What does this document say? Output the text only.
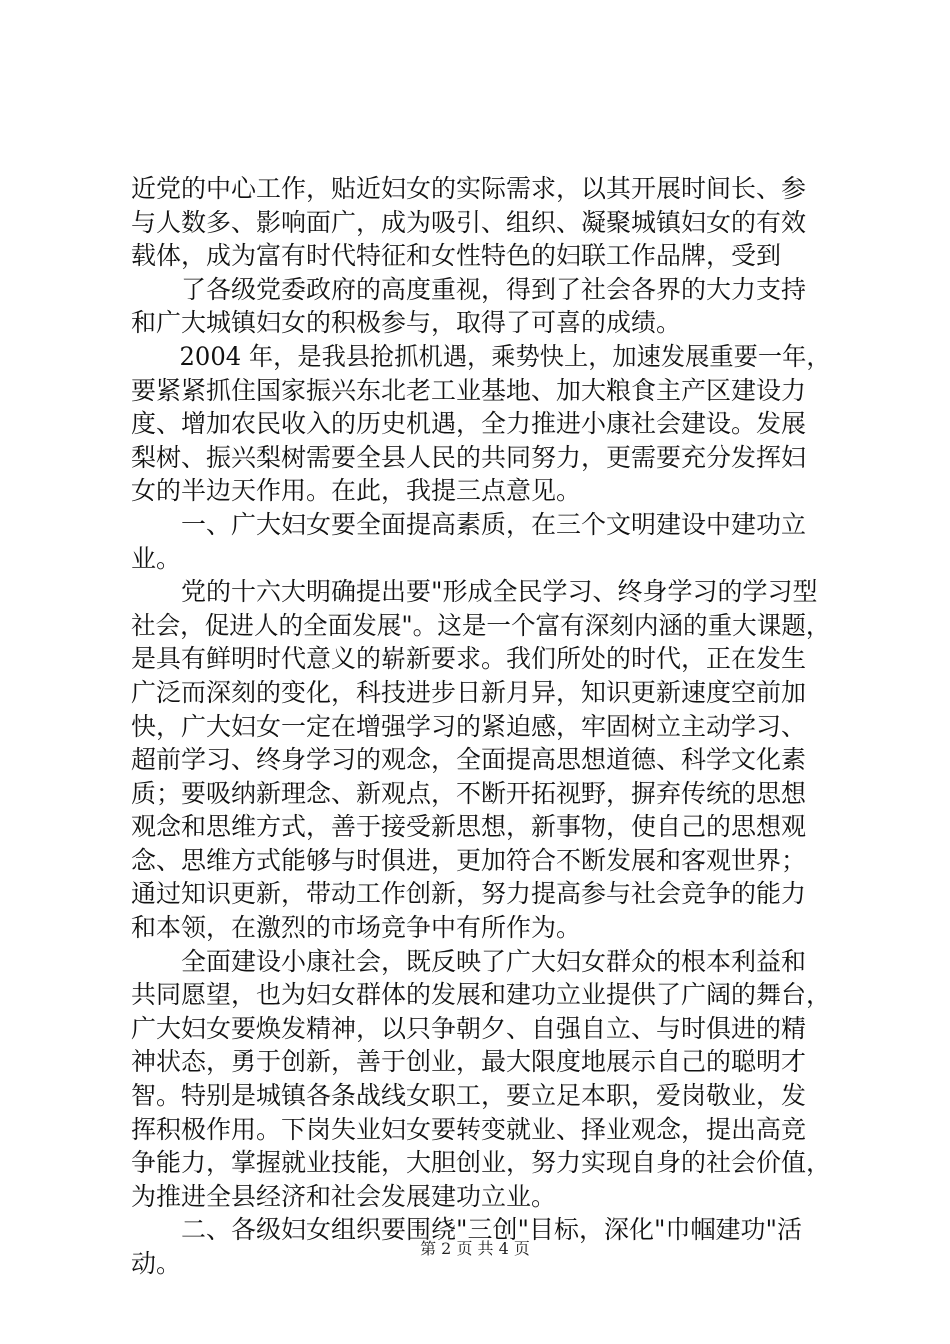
近党的中心工作，贴近妇女的实际需求，以其开展时间长、参
与人数多、影响面广，成为吸引、组织、凝聚城镇妇女的有效
载体，成为富有时代特征和女性特色的妇联工作品牌，受到
　　了各级党委政府的高度重视，得到了社会各界的大力支持
和广大城镇妇女的积极参与，取得了可喜的成绩。
　　2004 年，是我县抢抓机遇，乘势快上，加速发展重要一年，
要紧紧抓住国家振兴东北老工业基地、加大粮食主产区建设力
度、增加农民收入的历史机遇，全力推进小康社会建设。发展
梨树、振兴梨树需要全县人民的共同努力，更需要充分发挥妇
女的半边天作用。在此，我提三点意见。
　　一、广大妇女要全面提高素质，在三个文明建设中建功立
业。
　　党的十六大明确提出要"形成全民学习、终身学习的学习型
社会，促进人的全面发展"。这是一个富有深刻内涵的重大课题，
是具有鲜明时代意义的崭新要求。我们所处的时代，正在发生
广泛而深刻的变化，科技进步日新月异，知识更新速度空前加
快，广大妇女一定在增强学习的紧迫感，牢固树立主动学习、
超前学习、终身学习的观念，全面提高思想道德、科学文化素
质；要吸纳新理念、新观点，不断开拓视野，摒弃传统的思想
观念和思维方式，善于接受新思想，新事物，使自己的思想观
念、思维方式能够与时俱进，更加符合不断发展和客观世界；
通过知识更新，带动工作创新，努力提高参与社会竞争的能力
和本领，在激烈的市场竞争中有所作为。
　　全面建设小康社会，既反映了广大妇女群众的根本利益和
共同愿望，也为妇女群体的发展和建功立业提供了广阔的舞台，
广大妇女要焕发精神，以只争朝夕、自强自立、与时俱进的精
神状态，勇于创新，善于创业，最大限度地展示自己的聪明才
智。特别是城镇各条战线女职工，要立足本职，爱岗敬业，发
挥积极作用。下岗失业妇女要转变就业、择业观念，提出高竞
争能力，掌握就业技能，大胆创业，努力实现自身的社会价值，
为推进全县经济和社会发展建功立业。
　　二、各级妇女组织要围绕"三创"目标，深化"巾帼建功"活
动。
第 2 页 共 4 页
